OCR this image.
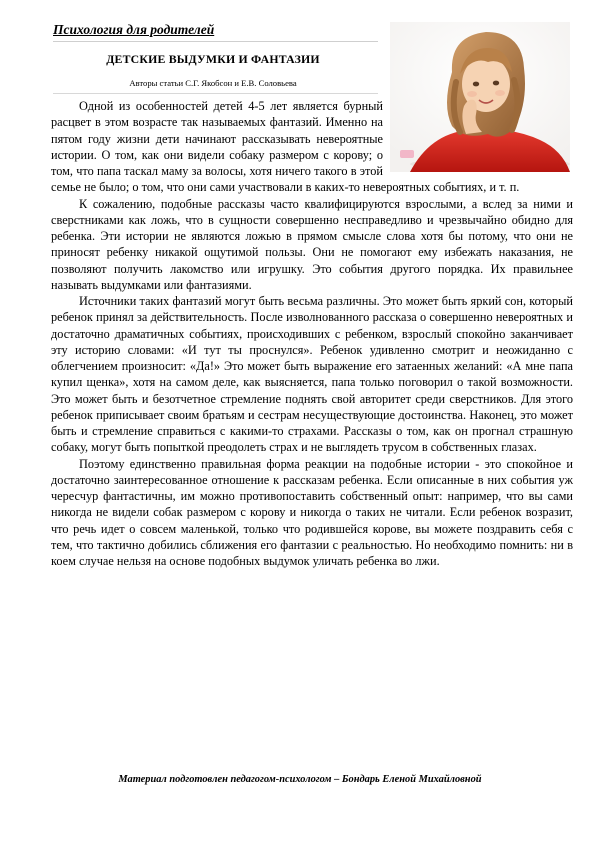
Психология для родителей
ДЕТСКИЕ ВЫДУМКИ И ФАНТАЗИИ
Авторы статьи С.Г. Якобсон и Е.В. Соловьева

Одной из особенностей детей 4-5 лет является бурный расцвет в этом возрасте так называемых фантазий. Именно на пятом году жизни дети начинают рассказывать невероятные истории. О том, как они видели собаку размером с корову; о том, что папа таскал маму за волосы, хотя ничего такого в этой семье не было; о том, что они сами участвовали в каких-то невероятных событиях, и т. п.

К сожалению, подобные рассказы часто квалифицируются взрослыми, а вслед за ними и сверстниками как ложь, что в сущности совершенно несправедливо и чрезвычайно обидно для ребенка. Эти истории не являются ложью в прямом смысле слова хотя бы потому, что они не приносят ребенку никакой ощутимой пользы. Они не помогают ему избежать наказания, не позволяют получить лакомство или игрушку. Это события другого порядка. Их правильнее называть выдумками или фантазиями.

Источники таких фантазий могут быть весьма различны. Это может быть яркий сон, который ребенок принял за действительность. После изволнованного рассказа о совершенно невероятных и достаточно драматичных событиях, происходивших с ребенком, взрослый спокойно заканчивает эту историю словами: «И тут ты проснулся». Ребенок удивленно смотрит и неожиданно с облегчением произносит: «Да!» Это может быть выражение его затаенных желаний: «А мне папа купил щенка», хотя на самом деле, как выясняется, папа только поговорил о такой возможности. Это может быть и безотчетное стремление поднять свой авторитет среди сверстников. Для этого ребенок приписывает своим братьям и сестрам несуществующие достоинства. Наконец, это может быть и стремление справиться с какими-то страхами. Рассказы о том, как он прогнал страшную собаку, могут быть попыткой преодолеть страх и не выглядеть трусом в собственных глазах.

Поэтому единственно правильная форма реакции на подобные истории - это спокойное и достаточно заинтересованное отношение к рассказам ребенка. Если описанные в них события уж чересчур фантастичны, им можно противопоставить собственный опыт: например, что вы сами никогда не видели собак размером с корову и никогда о таких не читали. Если ребенок возразит, что речь идет о совсем маленькой, только что родившейся корове, вы можете поздравить себя с тем, что тактично добились сближения его фантазии с реальностью. Но необходимо помнить: ни в коем случае нельзя на основе подобных выдумок уличать ребенка во лжи.

Материал подготовлен педагогом-психологом – Бондарь Еленой Михайловной
